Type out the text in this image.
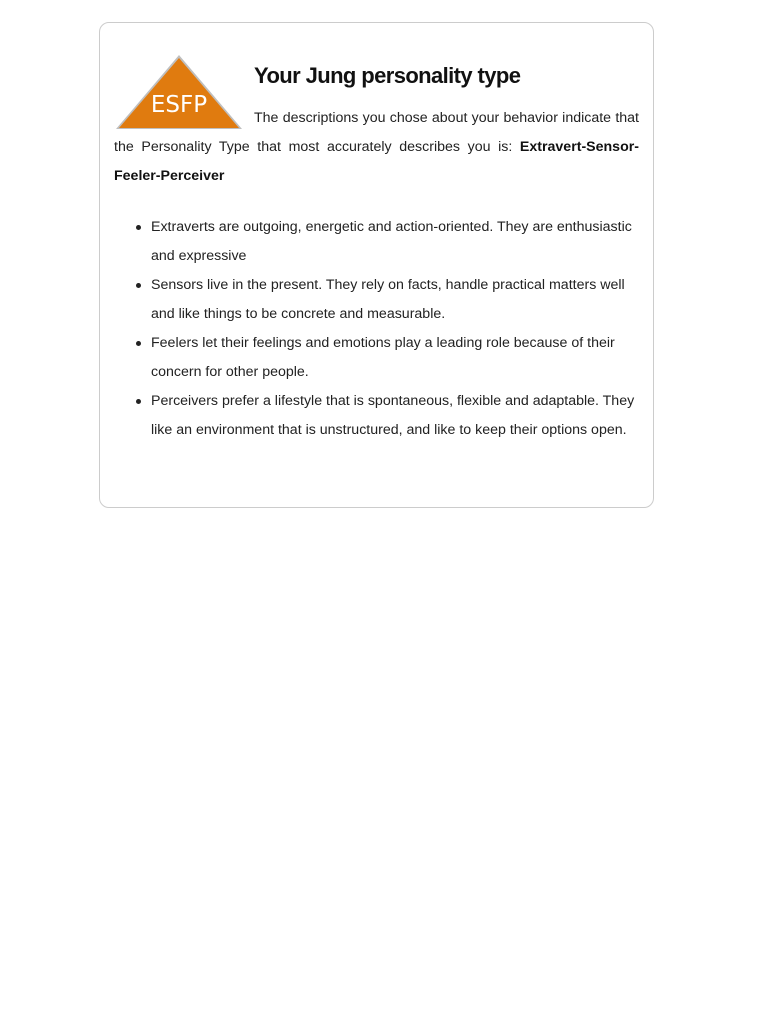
ESFP
Your Jung personality type
The descriptions you chose about your behavior indicate that the Personality Type that most accurately describes you is: Extravert-Sensor-Feeler-Perceiver
Extraverts are outgoing, energetic and action-oriented. They are enthusiastic and expressive
Sensors live in the present. They rely on facts, handle practical matters well and like things to be concrete and measurable.
Feelers let their feelings and emotions play a leading role because of their concern for other people.
Perceivers prefer a lifestyle that is spontaneous, flexible and adaptable. They like an environment that is unstructured, and like to keep their options open.
